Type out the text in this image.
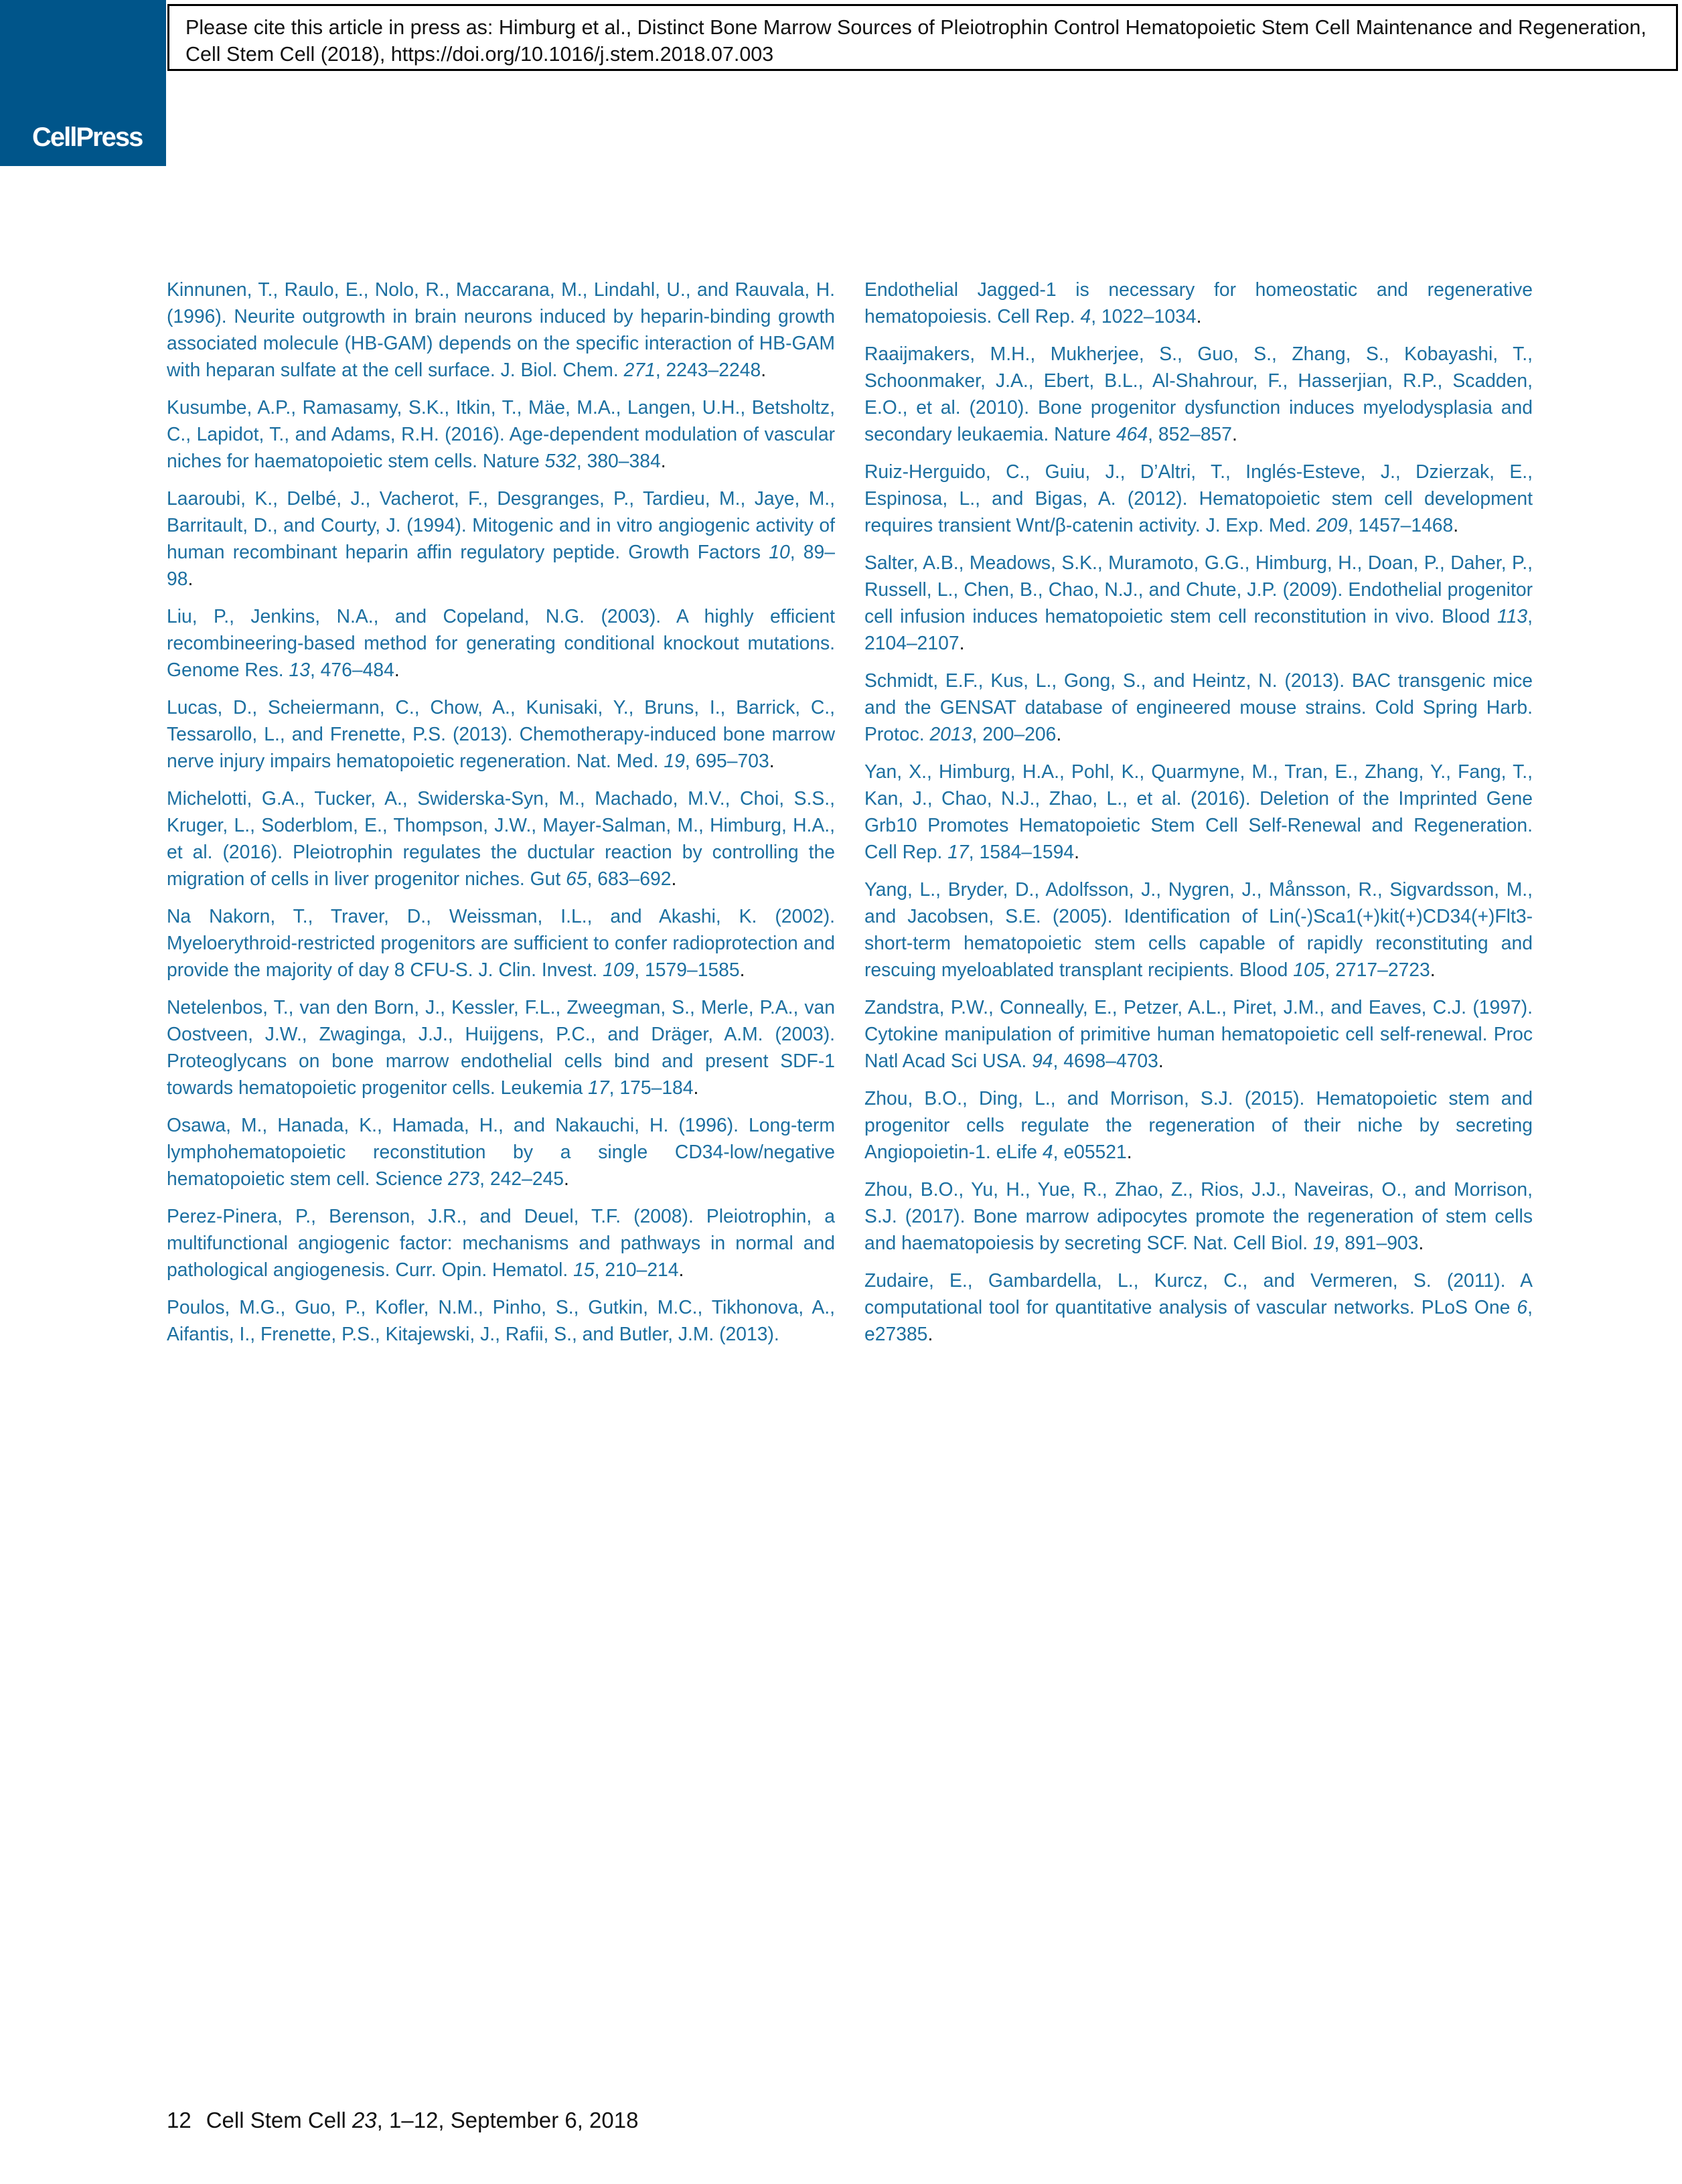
CellPress
Please cite this article in press as: Himburg et al., Distinct Bone Marrow Sources of Pleiotrophin Control Hematopoietic Stem Cell Maintenance and Regeneration, Cell Stem Cell (2018), https://doi.org/10.1016/j.stem.2018.07.003

Kinnunen, T., Raulo, E., Nolo, R., Maccarana, M., Lindahl, U., and Rauvala, H. (1996). Neurite outgrowth in brain neurons induced by heparin-binding growth associated molecule (HB-GAM) depends on the specific interaction of HB-GAM with heparan sulfate at the cell surface. J. Biol. Chem. 271, 2243–2248.

Kusumbe, A.P., Ramasamy, S.K., Itkin, T., Mäe, M.A., Langen, U.H., Betsholtz, C., Lapidot, T., and Adams, R.H. (2016). Age-dependent modulation of vascular niches for haematopoietic stem cells. Nature 532, 380–384.

Laaroubi, K., Delbé, J., Vacherot, F., Desgranges, P., Tardieu, M., Jaye, M., Barritault, D., and Courty, J. (1994). Mitogenic and in vitro angiogenic activity of human recombinant heparin affin regulatory peptide. Growth Factors 10, 89–98.

Liu, P., Jenkins, N.A., and Copeland, N.G. (2003). A highly efficient recombineering-based method for generating conditional knockout mutations. Genome Res. 13, 476–484.

Lucas, D., Scheiermann, C., Chow, A., Kunisaki, Y., Bruns, I., Barrick, C., Tessarollo, L., and Frenette, P.S. (2013). Chemotherapy-induced bone marrow nerve injury impairs hematopoietic regeneration. Nat. Med. 19, 695–703.

Michelotti, G.A., Tucker, A., Swiderska-Syn, M., Machado, M.V., Choi, S.S., Kruger, L., Soderblom, E., Thompson, J.W., Mayer-Salman, M., Himburg, H.A., et al. (2016). Pleiotrophin regulates the ductular reaction by controlling the migration of cells in liver progenitor niches. Gut 65, 683–692.

Na Nakorn, T., Traver, D., Weissman, I.L., and Akashi, K. (2002). Myeloerythroid-restricted progenitors are sufficient to confer radioprotection and provide the majority of day 8 CFU-S. J. Clin. Invest. 109, 1579–1585.

Netelenbos, T., van den Born, J., Kessler, F.L., Zweegman, S., Merle, P.A., van Oostveen, J.W., Zwaginga, J.J., Huijgens, P.C., and Dräger, A.M. (2003). Proteoglycans on bone marrow endothelial cells bind and present SDF-1 towards hematopoietic progenitor cells. Leukemia 17, 175–184.

Osawa, M., Hanada, K., Hamada, H., and Nakauchi, H. (1996). Long-term lymphohematopoietic reconstitution by a single CD34-low/negative hematopoietic stem cell. Science 273, 242–245.

Perez-Pinera, P., Berenson, J.R., and Deuel, T.F. (2008). Pleiotrophin, a multifunctional angiogenic factor: mechanisms and pathways in normal and pathological angiogenesis. Curr. Opin. Hematol. 15, 210–214.

Poulos, M.G., Guo, P., Kofler, N.M., Pinho, S., Gutkin, M.C., Tikhonova, A., Aifantis, I., Frenette, P.S., Kitajewski, J., Rafii, S., and Butler, J.M. (2013).

Endothelial Jagged-1 is necessary for homeostatic and regenerative hematopoiesis. Cell Rep. 4, 1022–1034.

Raaijmakers, M.H., Mukherjee, S., Guo, S., Zhang, S., Kobayashi, T., Schoonmaker, J.A., Ebert, B.L., Al-Shahrour, F., Hasserjian, R.P., Scadden, E.O., et al. (2010). Bone progenitor dysfunction induces myelodysplasia and secondary leukaemia. Nature 464, 852–857.

Ruiz-Herguido, C., Guiu, J., D’Altri, T., Inglés-Esteve, J., Dzierzak, E., Espinosa, L., and Bigas, A. (2012). Hematopoietic stem cell development requires transient Wnt/β-catenin activity. J. Exp. Med. 209, 1457–1468.

Salter, A.B., Meadows, S.K., Muramoto, G.G., Himburg, H., Doan, P., Daher, P., Russell, L., Chen, B., Chao, N.J., and Chute, J.P. (2009). Endothelial progenitor cell infusion induces hematopoietic stem cell reconstitution in vivo. Blood 113, 2104–2107.

Schmidt, E.F., Kus, L., Gong, S., and Heintz, N. (2013). BAC transgenic mice and the GENSAT database of engineered mouse strains. Cold Spring Harb. Protoc. 2013, 200–206.

Yan, X., Himburg, H.A., Pohl, K., Quarmyne, M., Tran, E., Zhang, Y., Fang, T., Kan, J., Chao, N.J., Zhao, L., et al. (2016). Deletion of the Imprinted Gene Grb10 Promotes Hematopoietic Stem Cell Self-Renewal and Regeneration. Cell Rep. 17, 1584–1594.

Yang, L., Bryder, D., Adolfsson, J., Nygren, J., Månsson, R., Sigvardsson, M., and Jacobsen, S.E. (2005). Identification of Lin(-)Sca1(+)kit(+)CD34(+)Flt3- short-term hematopoietic stem cells capable of rapidly reconstituting and rescuing myeloablated transplant recipients. Blood 105, 2717–2723.

Zandstra, P.W., Conneally, E., Petzer, A.L., Piret, J.M., and Eaves, C.J. (1997). Cytokine manipulation of primitive human hematopoietic cell self-renewal. Proc Natl Acad Sci USA. 94, 4698–4703.

Zhou, B.O., Ding, L., and Morrison, S.J. (2015). Hematopoietic stem and progenitor cells regulate the regeneration of their niche by secreting Angiopoietin-1. eLife 4, e05521.

Zhou, B.O., Yu, H., Yue, R., Zhao, Z., Rios, J.J., Naveiras, O., and Morrison, S.J. (2017). Bone marrow adipocytes promote the regeneration of stem cells and haematopoiesis by secreting SCF. Nat. Cell Biol. 19, 891–903.

Zudaire, E., Gambardella, L., Kurcz, C., and Vermeren, S. (2011). A computational tool for quantitative analysis of vascular networks. PLoS One 6, e27385.

12 Cell Stem Cell 23, 1–12, September 6, 2018
